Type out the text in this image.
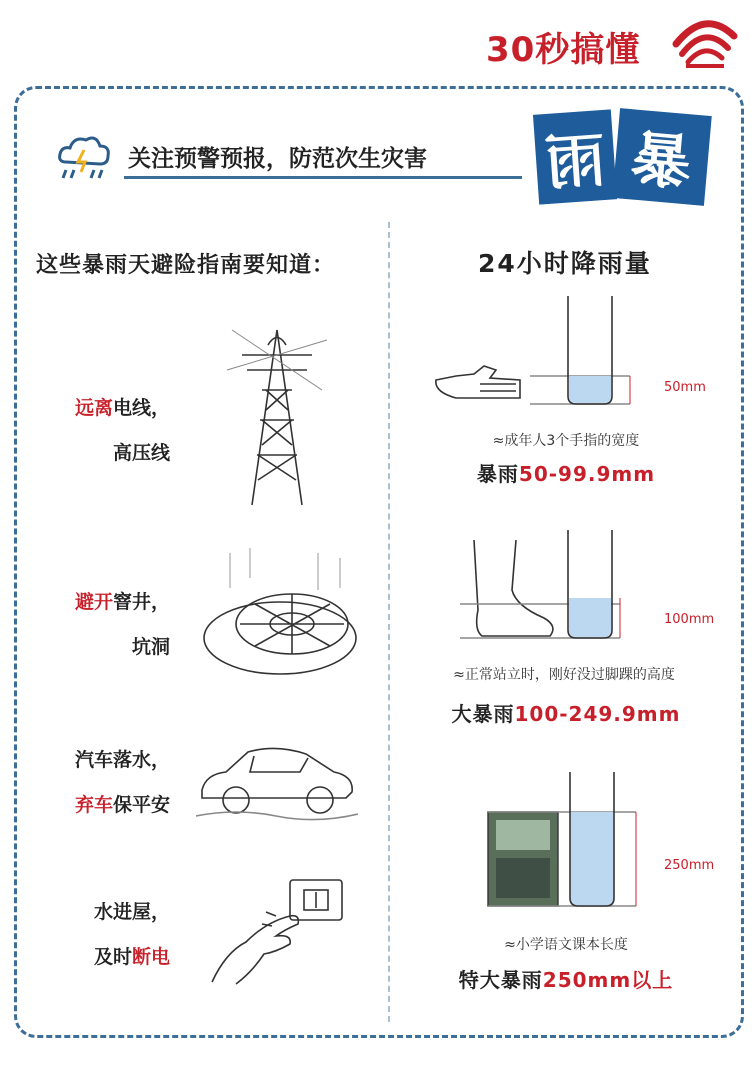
30秒搞懂
关注预警预报，防范次生灾害 雨 暴
这些暴雨天避险指南要知道：
远离电线，
高压线
避开窨井，
坑洞
汽车落水，
弃车保平安
水进屋，
及时断电
24小时降雨量
50mm
≈成年人3个手指的宽度
暴雨50-99.9mm
100mm
≈正常站立时，刚好没过脚踝的高度
大暴雨100-249.9mm
250mm
≈小学语文课本长度
特大暴雨250mm以上
